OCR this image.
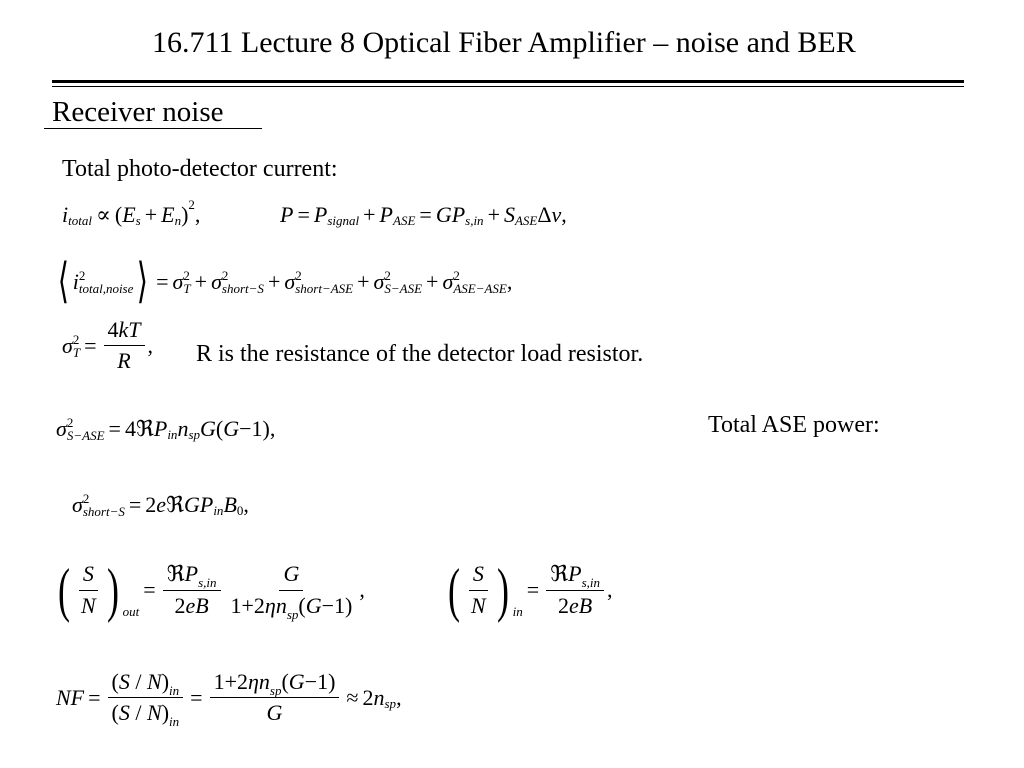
16.711 Lecture 8 Optical Fiber Amplifier – noise and BER
Receiver noise
Total photo-detector current:
i total ∝ ( E s + E n ) 2 ,	P = P signal + P ASE = GP s,in + S ASE Δ v ,
⟨ i 2
total,noise ⟩ = σ 2
T + σ 2
short−S + σ 2
short−ASE + σ 2
S−ASE + σ 2
ASE−ASE ,
σ 2
$T = \frac{4kT}{R}$ , R is the resistance of the detector load resistor.
σ 2
S−ASE = 4ℜ P in n sp G ( G −1),	Total ASE power:
σ 2
short−S = 2 e ℜ GP in B 0 ,
( $\frac{S}{N}$ ) out
= $\frac{ℜP_{s,in}}{2eB} \frac{G}{1+2\eta n_{sp}(G-1)}$ , ( $\frac{S}{N}$ ) in
= $\frac{ℜP_{s,in}}{2eB}$ ,
NF = $\frac{(S / N)_{in}}{(S / N)_{in}} = \frac{1+2\eta n_{sp}(G-1)}{G} \approx 2$ n sp ,
